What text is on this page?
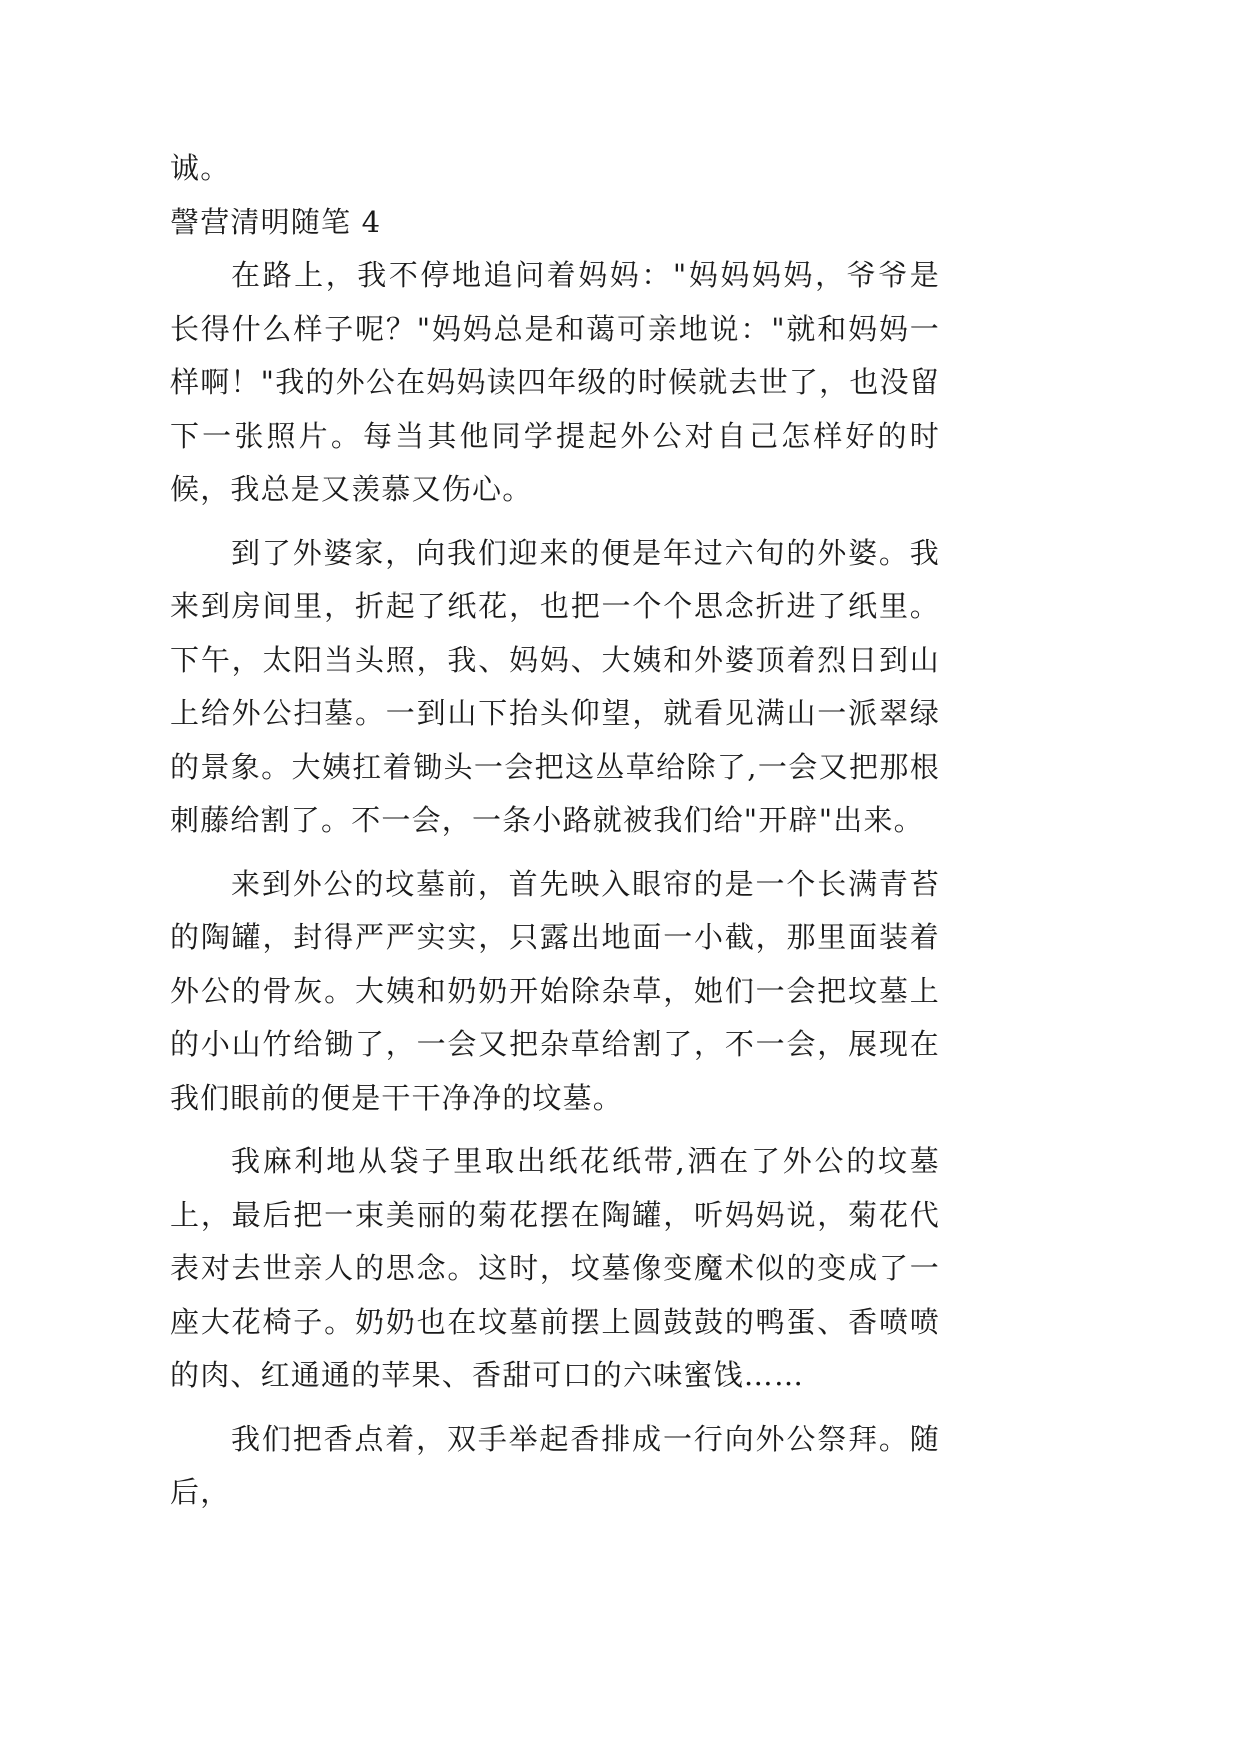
诚。

謦营清明随笔 4

在路上，我不停地追问着妈妈："妈妈妈妈，爷爷是长得什么样子呢？"妈妈总是和蔼可亲地说："就和妈妈一样啊！"我的外公在妈妈读四年级的时候就去世了，也没留下一张照片。每当其他同学提起外公对自己怎样好的时候，我总是又羡慕又伤心。

到了外婆家，向我们迎来的便是年过六旬的外婆。我来到房间里，折起了纸花，也把一个个思念折进了纸里。下午，太阳当头照，我、妈妈、大姨和外婆顶着烈日到山上给外公扫墓。一到山下抬头仰望，就看见满山一派翠绿的景象。大姨扛着锄头一会把这丛草给除了,一会又把那根刺藤给割了。不一会，一条小路就被我们给"开辟"出来。

来到外公的坟墓前，首先映入眼帘的是一个长满青苔的陶罐，封得严严实实，只露出地面一小截，那里面装着外公的骨灰。大姨和奶奶开始除杂草，她们一会把坟墓上的小山竹给锄了，一会又把杂草给割了，不一会，展现在我们眼前的便是干干净净的坟墓。

我麻利地从袋子里取出纸花纸带,洒在了外公的坟墓上，最后把一束美丽的菊花摆在陶罐，听妈妈说，菊花代表对去世亲人的思念。这时，坟墓像变魔术似的变成了一座大花椅子。奶奶也在坟墓前摆上圆鼓鼓的鸭蛋、香喷喷的肉、红通通的苹果、香甜可口的六味蜜饯……

我们把香点着，双手举起香排成一行向外公祭拜。随后，
